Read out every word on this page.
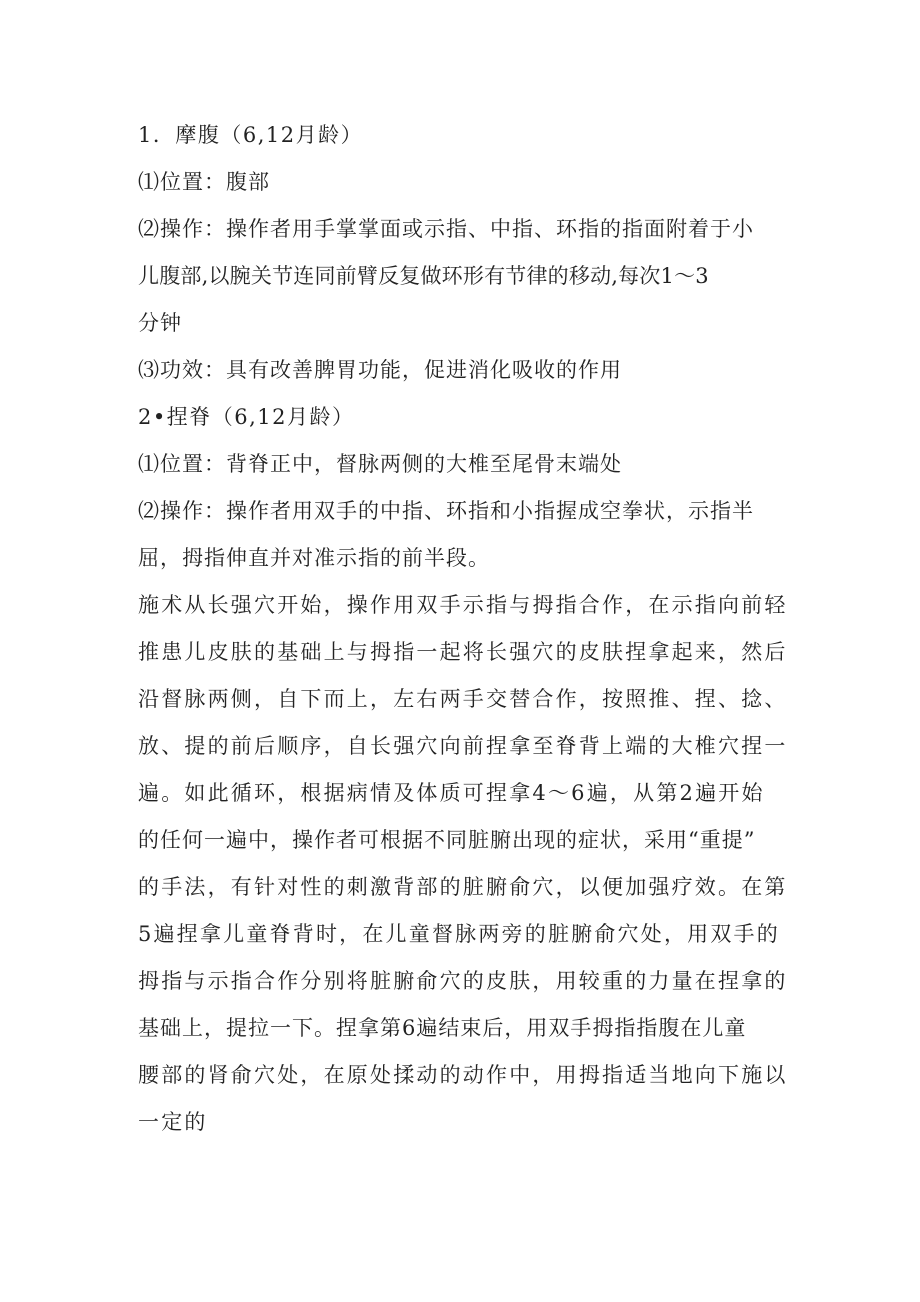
1．摩腹（6,12月龄）
⑴位置：腹部
⑵操作：操作者用手掌掌面或示指、中指、环指的指面附着于小
儿腹部,以腕关节连同前臂反复做环形有节律的移动,每次1～3
分钟
⑶功效：具有改善脾胃功能，促进消化吸收的作用
2•捏脊（6,12月龄）
⑴位置：背脊正中，督脉两侧的大椎至尾骨末端处
⑵操作：操作者用双手的中指、环指和小指握成空拳状，示指半
屈，拇指伸直并对准示指的前半段。
施术从长强穴开始，操作用双手示指与拇指合作，在示指向前轻
推患儿皮肤的基础上与拇指一起将长强穴的皮肤捏拿起来，然后
沿督脉两侧，自下而上，左右两手交替合作，按照推、捏、捻、
放、提的前后顺序，自长强穴向前捏拿至脊背上端的大椎穴捏一
遍。如此循环，根据病情及体质可捏拿4～6遍，从第2遍开始
的任何一遍中，操作者可根据不同脏腑出现的症状，采用“重提”
的手法，有针对性的刺激背部的脏腑俞穴，以便加强疗效。在第
5遍捏拿儿童脊背时，在儿童督脉两旁的脏腑俞穴处，用双手的
拇指与示指合作分别将脏腑俞穴的皮肤，用较重的力量在捏拿的
基础上，提拉一下。捏拿第6遍结束后，用双手拇指指腹在儿童
腰部的肾俞穴处，在原处揉动的动作中，用拇指适当地向下施以
一定的
